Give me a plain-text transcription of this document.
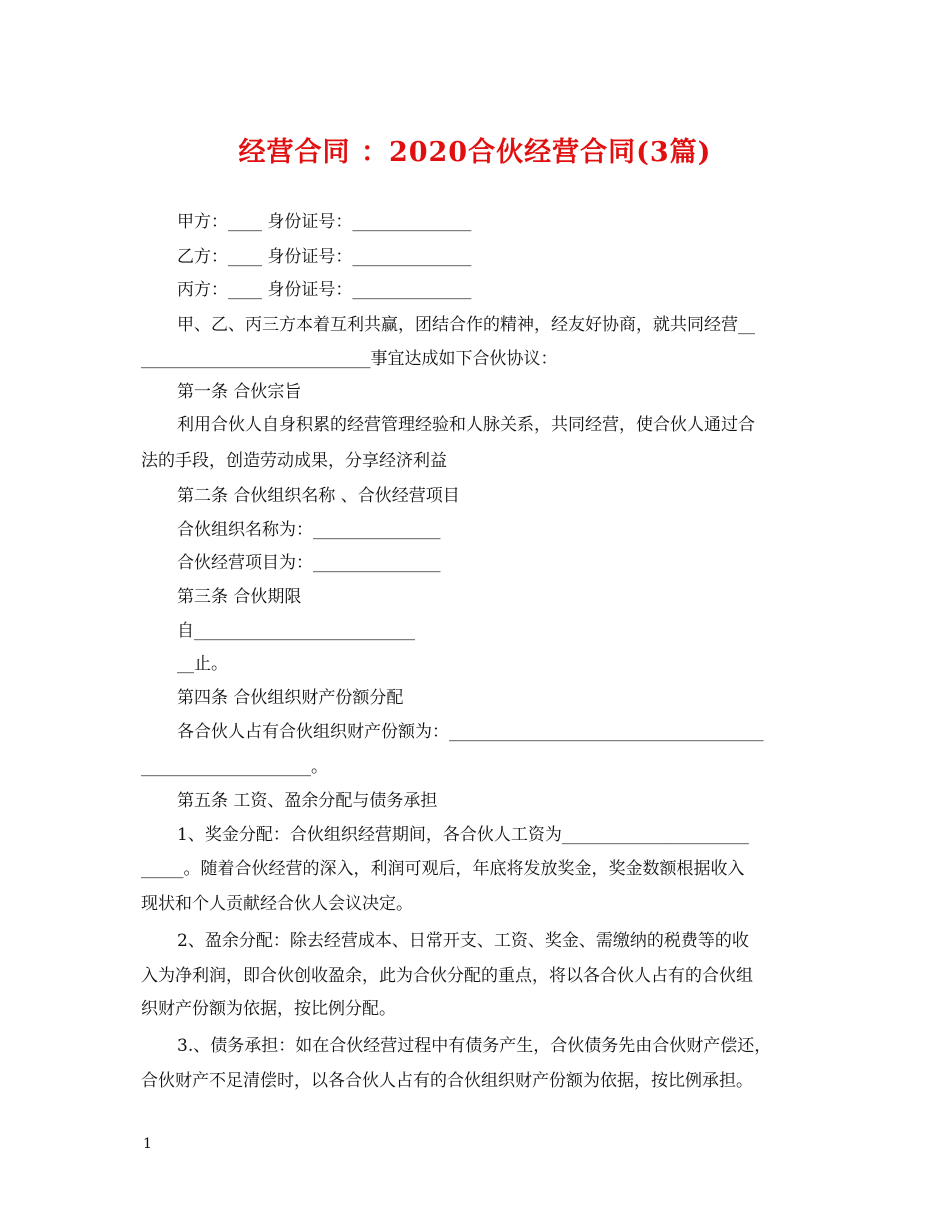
经营合同 ：2020合伙经营合同(3篇)
甲方：____ 身份证号：______________
乙方：____ 身份证号：______________
丙方：____ 身份证号：______________
甲、乙、丙三方本着互利共赢，团结合作的精神，经友好协商，就共同经营__
___________________________事宜达成如下合伙协议：
第一条 合伙宗旨
利用合伙人自身积累的经营管理经验和人脉关系，共同经营，使合伙人通过合
法的手段，创造劳动成果，分享经济利益
第二条 合伙组织名称 、合伙经营项目
合伙组织名称为：_______________
合伙经营项目为：_______________
第三条 合伙期限
自__________________________
__止。
第四条 合伙组织财产份额分配
各合伙人占有合伙组织财产份额为：_____________________________________
____________________。
第五条 工资、盈余分配与债务承担
1、奖金分配：合伙组织经营期间，各合伙人工资为______________________
_____。随着合伙经营的深入，利润可观后，年底将发放奖金，奖金数额根据收入
现状和个人贡献经合伙人会议决定。
2、盈余分配：除去经营成本、日常开支、工资、奖金、需缴纳的税费等的收
入为净利润，即合伙创收盈余，此为合伙分配的重点，将以各合伙人占有的合伙组
织财产份额为依据，按比例分配。
3.、债务承担：如在合伙经营过程中有债务产生，合伙债务先由合伙财产偿还，
合伙财产不足清偿时，以各合伙人占有的合伙组织财产份额为依据，按比例承担。
1
